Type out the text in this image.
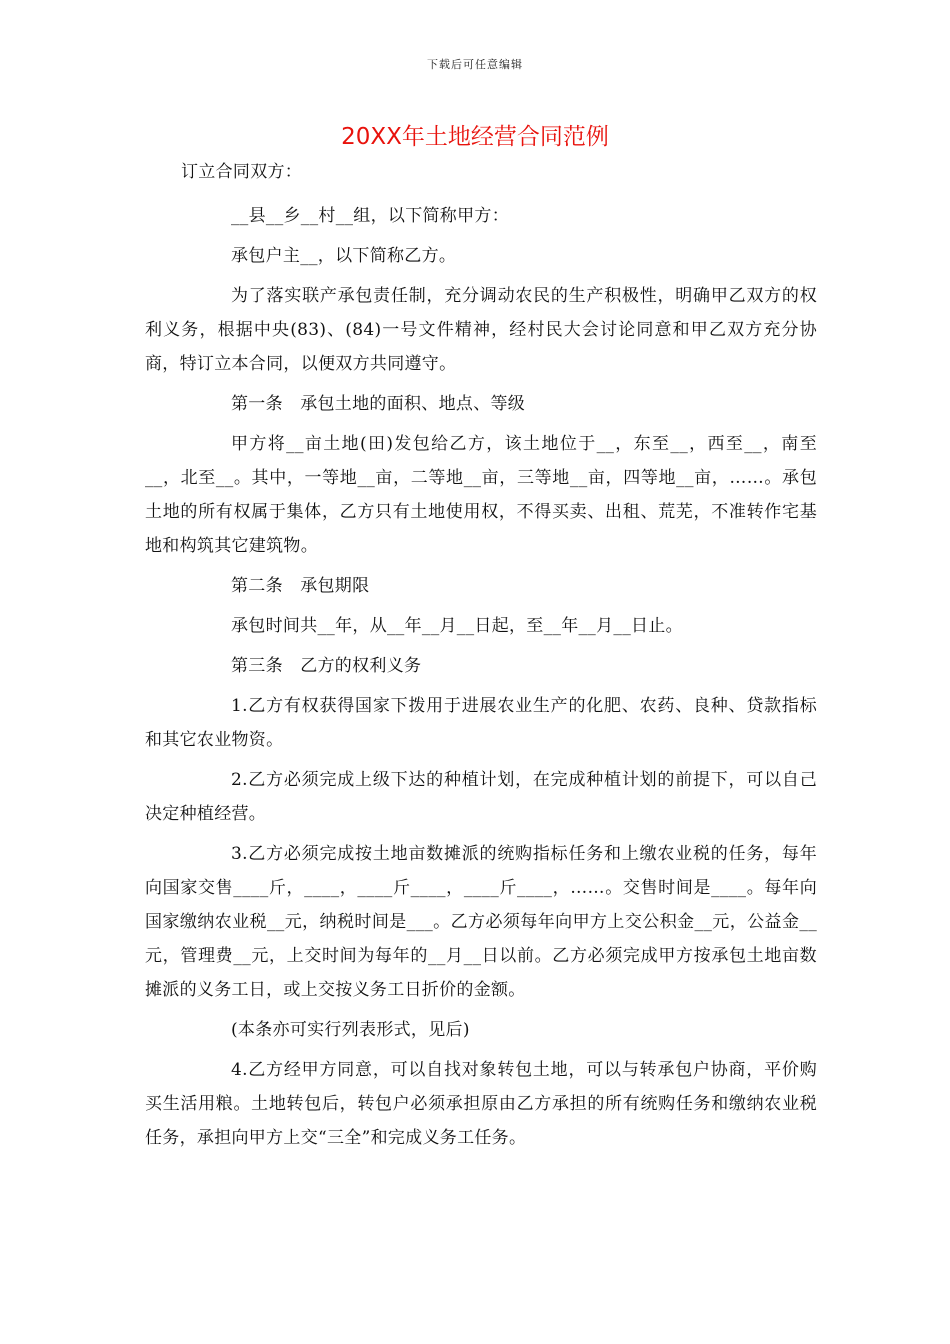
下载后可任意编辑
20XX年土地经营合同范例

订立合同双方：

__县__乡__村__组，以下简称甲方：

承包户主__，以下简称乙方。

为了落实联产承包责任制，充分调动农民的生产积极性，明确甲乙双方的权利义务，根据中央(83)、(84)一号文件精神，经村民大会讨论同意和甲乙双方充分协商，特订立本合同，以便双方共同遵守。

第一条　承包土地的面积、地点、等级

甲方将__亩土地(田)发包给乙方，该土地位于__，东至__，西至__，南至__，北至__。其中，一等地__亩，二等地__亩，三等地__亩，四等地__亩，……。承包土地的所有权属于集体，乙方只有土地使用权，不得买卖、出租、荒芜，不准转作宅基地和构筑其它建筑物。

第二条　承包期限

承包时间共__年，从__年__月__日起，至__年__月__日止。

第三条　乙方的权利义务

1.乙方有权获得国家下拨用于进展农业生产的化肥、农药、良种、贷款指标和其它农业物资。

2.乙方必须完成上级下达的种植计划，在完成种植计划的前提下，可以自己决定种植经营。

3.乙方必须完成按土地亩数摊派的统购指标任务和上缴农业税的任务，每年向国家交售____斤，____，____斤____，____斤____，……。交售时间是____。每年向国家缴纳农业税__元，纳税时间是___。乙方必须每年向甲方上交公积金__元，公益金__元，管理费__元，上交时间为每年的__月__日以前。乙方必须完成甲方按承包土地亩数摊派的义务工日，或上交按义务工日折价的金额。

(本条亦可实行列表形式，见后)

4.乙方经甲方同意，可以自找对象转包土地，可以与转承包户协商，平价购买生活用粮。土地转包后，转包户必须承担原由乙方承担的所有统购任务和缴纳农业税任务，承担向甲方上交“三全”和完成义务工任务。
